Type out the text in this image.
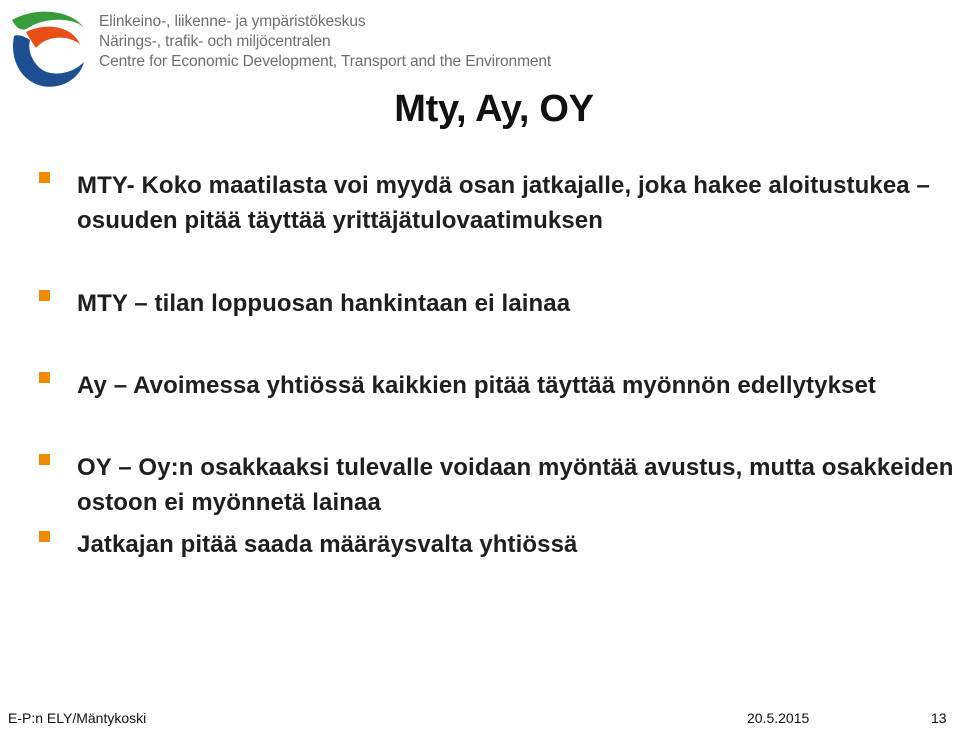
Elinkeino-, liikenne- ja ympäristökeskus
Närings-, trafik- och miljöcentralen
Centre for Economic Development, Transport and the Environment
Mty, Ay, OY
MTY- Koko maatilasta voi myydä osan jatkajalle, joka hakee aloitustukea – osuuden pitää täyttää yrittäjätulovaatimuksen
MTY – tilan loppuosan hankintaan ei lainaa
Ay – Avoimessa yhtiössä kaikkien pitää täyttää myönnön edellytykset
OY – Oy:n osakkaaksi tulevalle voidaan myöntää avustus, mutta osakkeiden ostoon ei myönnetä lainaa
Jatkajan pitää saada määräysvalta yhtiössä
E-P:n ELY/Mäntykoski	20.5.2015	13
